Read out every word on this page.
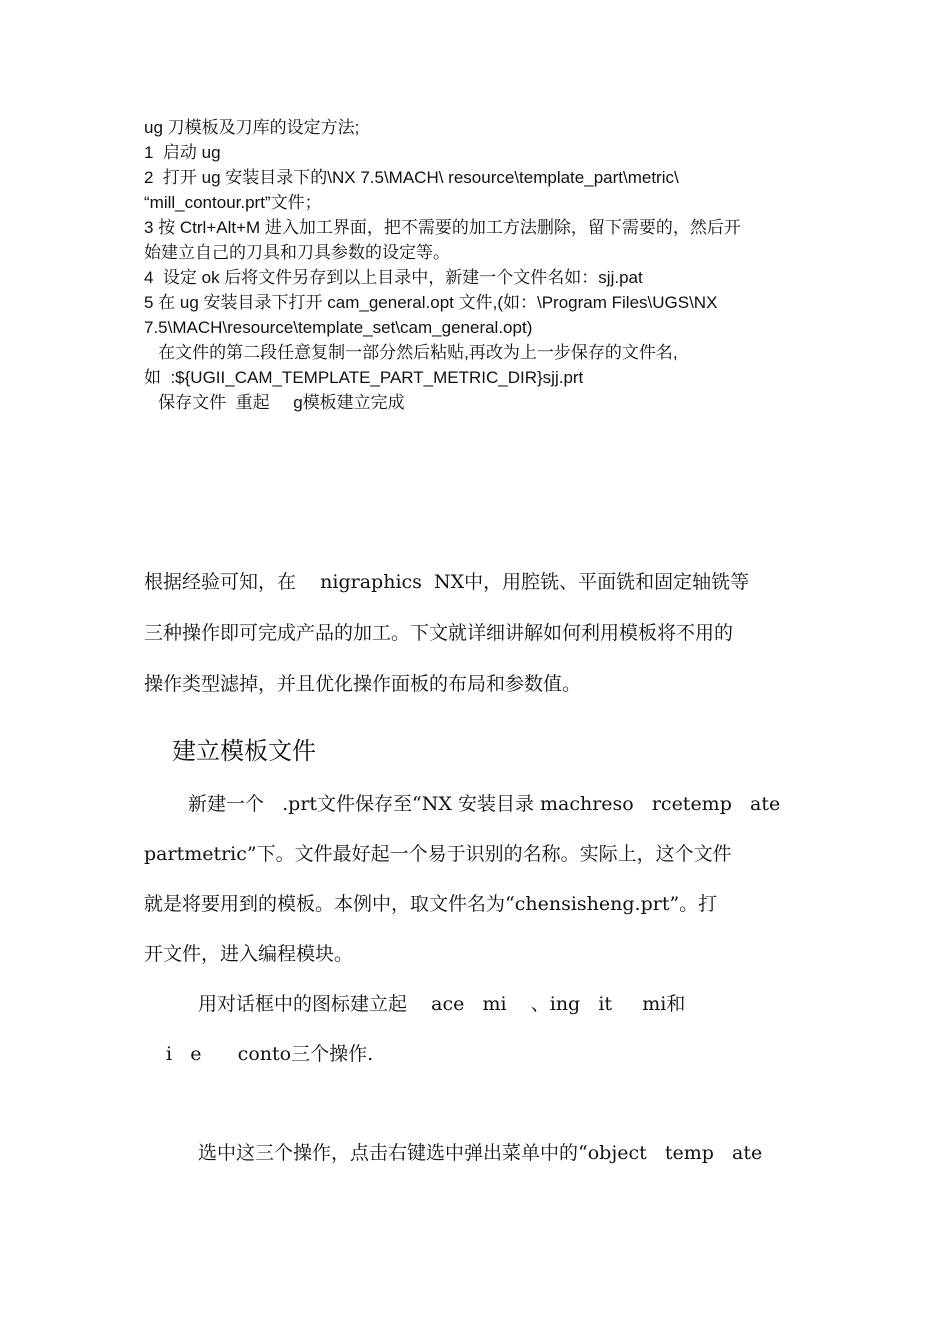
ug 刀模板及刀库的设定方法;
1  启动 ug
2  打开 ug 安装目录下的\NX 7.5\MACH\ resource\template_part\metric\
“mill_contour.prt”文件；
3 按 Ctrl+Alt+M 进入加工界面，把不需要的加工方法删除，留下需要的，然后开
始建立自己的刀具和刀具参数的设定等。
4  设定 ok 后将文件另存到以上目录中，新建一个文件名如：sjj.pat
5 在 ug 安装目录下打开 cam_general.opt 文件,(如：\Program Files\UGS\NX
7.5\MACH\resource\template_set\cam_general.opt)
在文件的第二段任意复制一部分然后粘贴,再改为上一步保存的文件名,
如  :${UGII_CAM_TEMPLATE_PART_METRIC_DIR}sjj.prt
保存文件  重起     g模板建立完成
根据经验可知，在    nigraphics  NX中，用腔铣、平面铣和固定轴铣等
三种操作即可完成产品的加工。下文就详细讲解如何利用模板将不用的
操作类型滤掉，并且优化操作面板的布局和参数值。
建立模板文件
新建一个   .prt文件保存至“NX 安装目录 machreso   rcetemp   ate
partmetric”下。文件最好起一个易于识别的名称。实际上，这个文件
就是将要用到的模板。本例中，取文件名为“chensisheng.prt”。打
开文件，进入编程模块。
用对话框中的图标建立起    ace   mi    、ing   it     mi和
i   e      conto三个操作.
选中这三个操作，点击右键选中弹出菜单中的“object   temp   ate
